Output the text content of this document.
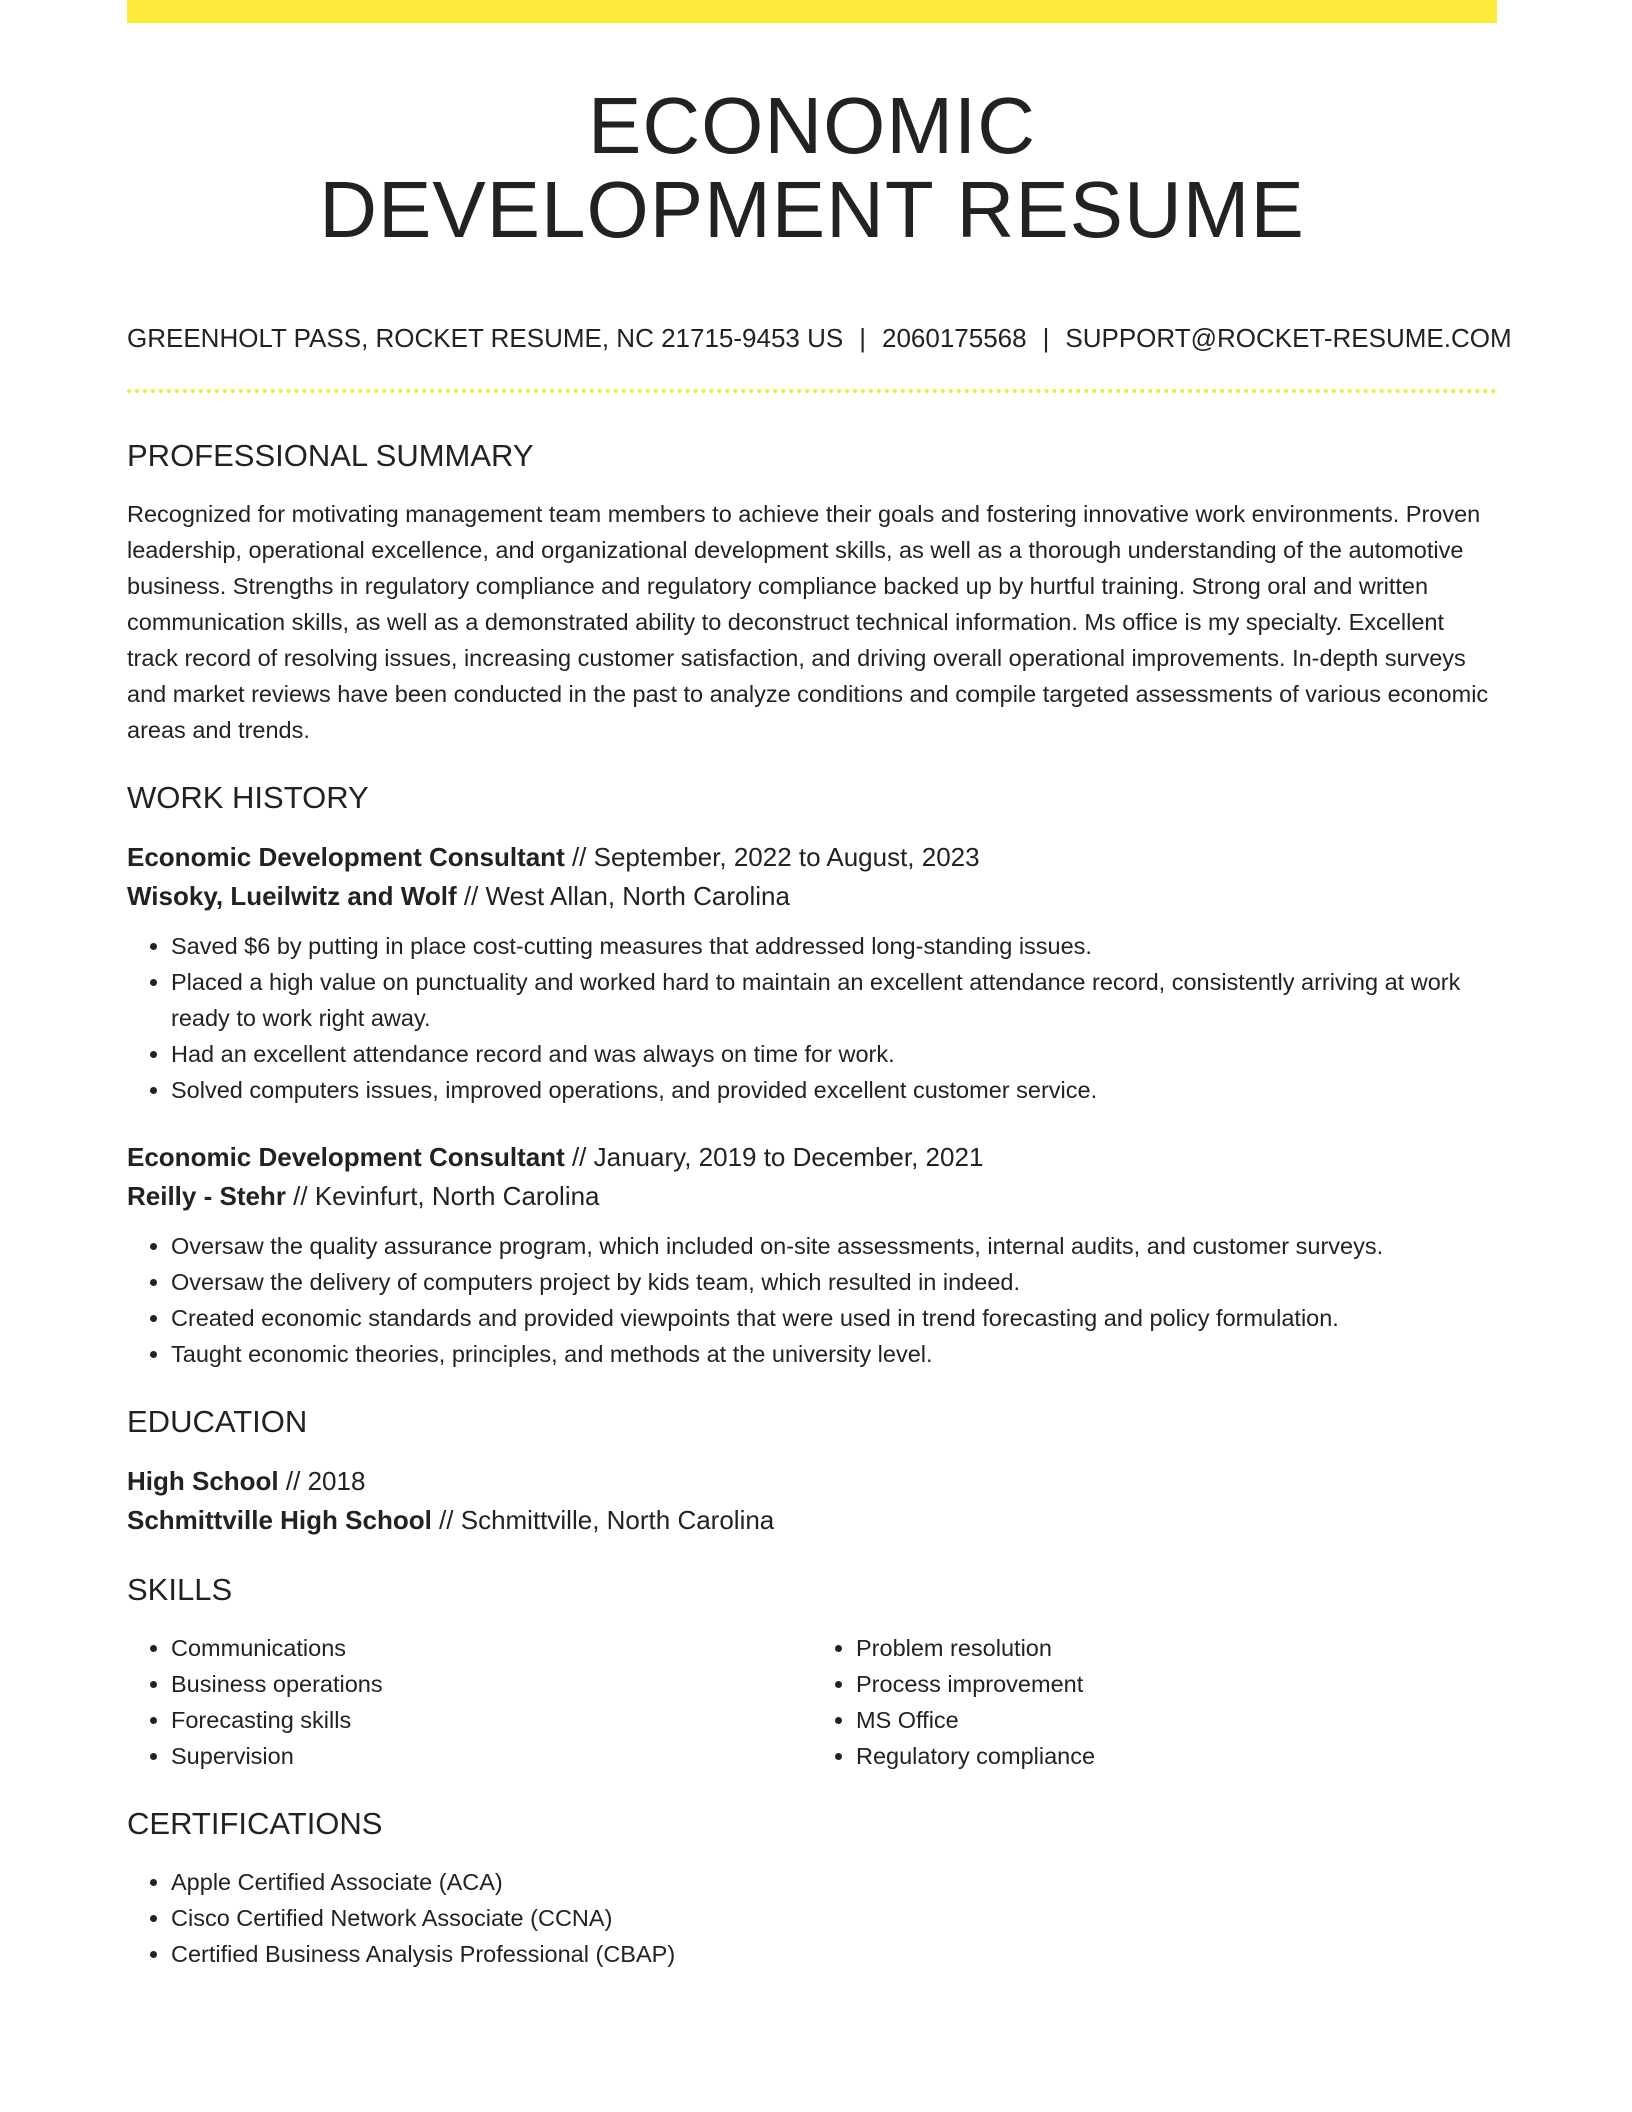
ECONOMIC
DEVELOPMENT RESUME
GREENHOLT PASS, ROCKET RESUME, NC 21715-9453 US | 2060175568 | SUPPORT@ROCKET-RESUME.COM
PROFESSIONAL SUMMARY

Recognized for motivating management team members to achieve their goals and fostering innovative work environments. Proven leadership, operational excellence, and organizational development skills, as well as a thorough understanding of the automotive business. Strengths in regulatory compliance and regulatory compliance backed up by hurtful training. Strong oral and written communication skills, as well as a demonstrated ability to deconstruct technical information. Ms office is my specialty. Excellent track record of resolving issues, increasing customer satisfaction, and driving overall operational improvements. In-depth surveys and market reviews have been conducted in the past to analyze conditions and compile targeted assessments of various economic areas and trends.

WORK HISTORY

Economic Development Consultant // September, 2022 to August, 2023

Wisoky, Lueilwitz and Wolf // West Allan, North Carolina

• Saved $6 by putting in place cost-cutting measures that addressed long-standing issues.
• Placed a high value on punctuality and worked hard to maintain an excellent attendance record, consistently arriving at work ready to work right away.
• Had an excellent attendance record and was always on time for work.
• Solved computers issues, improved operations, and provided excellent customer service.

Economic Development Consultant // January, 2019 to December, 2021

Reilly - Stehr // Kevinfurt, North Carolina

• Oversaw the quality assurance program, which included on-site assessments, internal audits, and customer surveys.
• Oversaw the delivery of computers project by kids team, which resulted in indeed.
• Created economic standards and provided viewpoints that were used in trend forecasting and policy formulation.
• Taught economic theories, principles, and methods at the university level.
EDUCATION

High School // 2018

Schmittville High School // Schmittville, North Carolina

SKILLS
• Communications
• Business operations
• Forecasting skills
• Supervision
• Problem resolution
• Process improvement
• MS Office
• Regulatory compliance
CERTIFICATIONS
• Apple Certified Associate (ACA)
• Cisco Certified Network Associate (CCNA)
• Certified Business Analysis Professional (CBAP)
